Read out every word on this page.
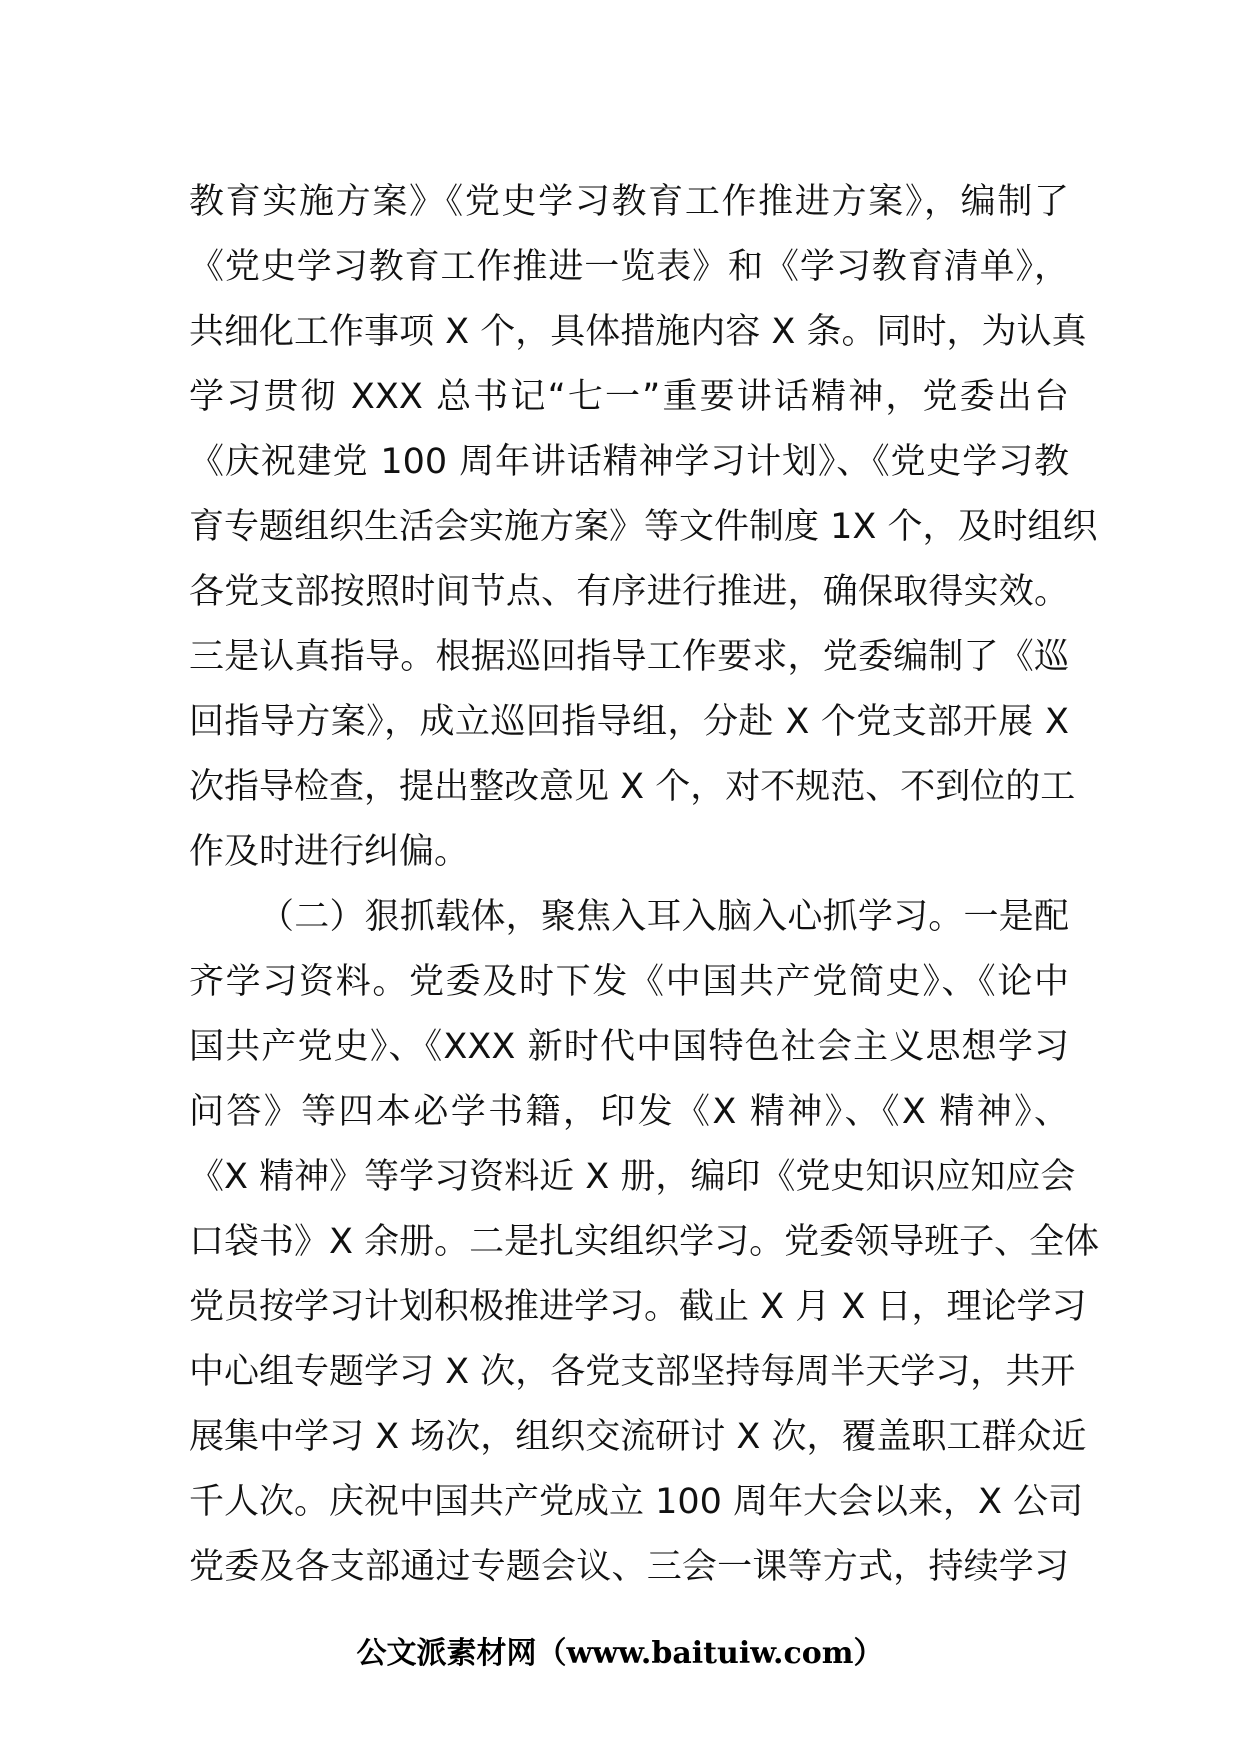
教育实施方案》《党史学习教育工作推进方案》，编制了
《党史学习教育工作推进一览表》和《学习教育清单》，
共细化工作事项 X 个，具体措施内容 X 条。同时，为认真
学习贯彻 XXX 总书记“七一”重要讲话精神，党委出台
《庆祝建党 100 周年讲话精神学习计划》、《党史学习教
育专题组织生活会实施方案》等文件制度 1X 个，及时组织
各党支部按照时间节点、有序进行推进，确保取得实效。
三是认真指导。根据巡回指导工作要求，党委编制了《巡
回指导方案》，成立巡回指导组，分赴 X 个党支部开展 X
次指导检查，提出整改意见 X 个，对不规范、不到位的工
作及时进行纠偏。
（二）狠抓载体，聚焦入耳入脑入心抓学习。一是配
齐学习资料。党委及时下发《中国共产党简史》、《论中
国共产党史》、《XXX 新时代中国特色社会主义思想学习
问答》等四本必学书籍，印发《X 精神》、《X 精神》、
《X 精神》等学习资料近 X 册，编印《党史知识应知应会
口袋书》X 余册。二是扎实组织学习。党委领导班子、全体
党员按学习计划积极推进学习。截止 X 月 X 日，理论学习
中心组专题学习 X 次，各党支部坚持每周半天学习，共开
展集中学习 X 场次，组织交流研讨 X 次，覆盖职工群众近
千人次。庆祝中国共产党成立 100 周年大会以来，X 公司
党委及各支部通过专题会议、三会一课等方式，持续学习
公文派素材网（www.baituiw.com）
